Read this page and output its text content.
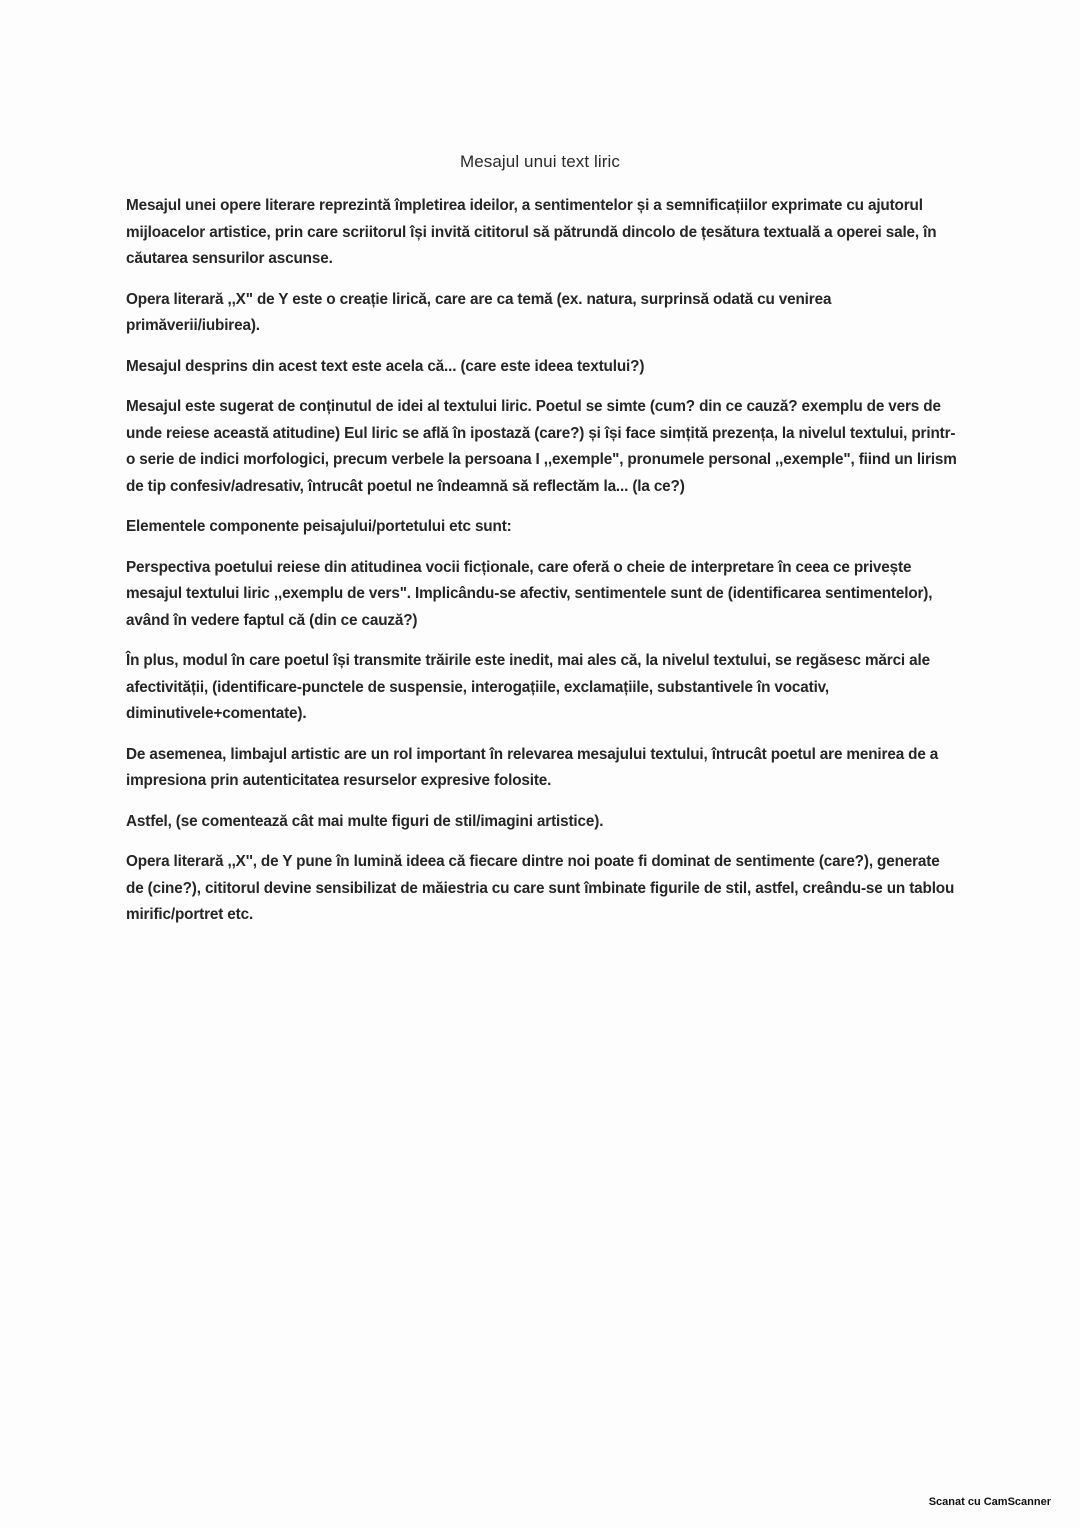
Mesajul unui text liric

Mesajul unei opere literare reprezintă împletirea ideilor, a sentimentelor și a semnificațiilor exprimate cu ajutorul mijloacelor artistice, prin care scriitorul își invită cititorul să pătrundă dincolo de țesătura textuală a operei sale, în căutarea sensurilor ascunse.

Opera literară ,,X" de Y este o creație lirică, care are ca temă (ex. natura, surprinsă odată cu venirea primăverii/iubirea).

Mesajul desprins din acest text este acela că... (care este ideea textului?)

Mesajul este sugerat de conținutul de idei al textului liric. Poetul se simte (cum? din ce cauză? exemplu de vers de unde reiese această atitudine) Eul liric se află în ipostază (care?) și își face simțită prezența, la nivelul textului, printr-o serie de indici morfologici, precum verbele la persoana I ,,exemple", pronumele personal ,,exemple", fiind un lirism de tip confesiv/adresativ, întrucât poetul ne îndeamnă să reflectăm la... (la ce?)

Elementele componente peisajului/portetului etc sunt:

Perspectiva poetului reiese din atitudinea vocii ficționale, care oferă o cheie de interpretare în ceea ce privește mesajul textului liric ,,exemplu de vers". Implicându-se afectiv, sentimentele sunt de (identificarea sentimentelor), având în vedere faptul că (din ce cauză?)

În plus, modul în care poetul își transmite trăirile este inedit, mai ales că, la nivelul textului, se regăsesc mărci ale afectivității, (identificare-punctele de suspensie, interogațiile, exclamațiile, substantivele în vocativ, diminutivele+comentate).

De asemenea, limbajul artistic are un rol important în relevarea mesajului textului, întrucât poetul are menirea de a impresiona prin autenticitatea resurselor expresive folosite.

Astfel, (se comentează cât mai multe figuri de stil/imagini artistice).

Opera literară ,,X'', de Y pune în lumină ideea că fiecare dintre noi poate fi dominat de sentimente (care?), generate de (cine?), cititorul devine sensibilizat de măiestria cu care sunt îmbinate figurile de stil, astfel, creându-se un tablou mirific/portret etc.

Scanat cu CamScanner
